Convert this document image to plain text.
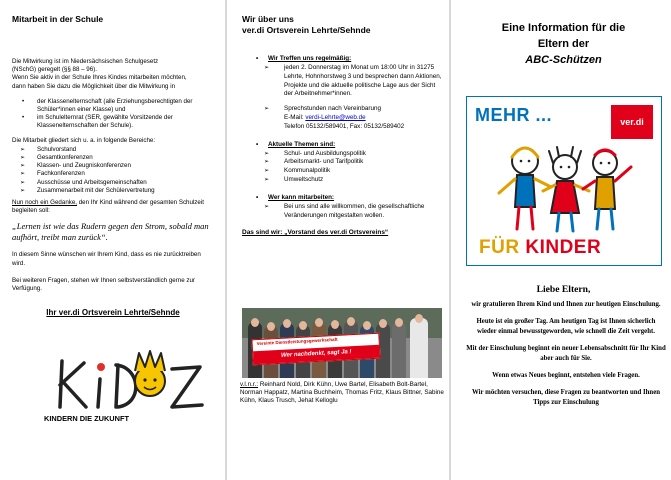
Mitarbeit in der Schule

Die Mitwirkung ist im Niedersächsischen Schulgesetz

(NSchG) geregelt (§§ 88 – 96).

Wenn Sie aktiv in der Schule Ihres Kindes mitarbeiten möchten,

dann haben Sie dazu die Möglichkeit über die Mitwirkung in

• der Klassenelternschaft (alle Erziehungsberechtigten der Schüler*innen einer Klasse) und
• im Schulelternrat (SER, gewählte Vorsitzende der Klassenelternschaften der Schule).
Die Mitarbeit gliedert sich u. a. in folgende Bereiche:
➢ Schulvorstand
➢ Gesamtkonferenzen
➢ Klassen- und Zeugniskonferenzen
➢ Fachkonferenzen
➢ Ausschüsse und Arbeitsgemeinschaften
➢ Zusammenarbeit mit der Schülervertretung
Nun noch ein Gedanke, den Ihr Kind während der gesamten Schulzeit begleiten soll:
„Lernen ist wie das Rudern gegen den Strom, sobald man aufhört, treibt man zurück“.
In diesem Sinne wünschen wir Ihrem Kind, dass es nie zurücktreiben wird.
Bei weiteren Fragen, stehen wir Ihnen selbstverständlich gerne zur Verfügung.
Ihr ver.di Ortsverein Lehrte/Sehnde
KINDERN DIE ZUKUNFT
Wir über uns
ver.di Ortsverein Lehrte/Sehnde
• Wir Treffen uns regelmäßig:
➢ jeden 2. Donnerstag im Monat um 18:00 Uhr in 31275 Lehrte, Hohnhorstweg 3 und besprechen dann Aktionen, Projekte und die aktuelle politische Lage aus der Sicht der Arbeitnehmer*innen.
➢ Sprechstunden nach Vereinbarung
E-Mail: verdi-Lehrte@web.de
Telefon 05132/589401, Fax: 05132/589402
• Aktuelle Themen sind:
➢ Schul- und Ausbildungspolitik
➢ Arbeitsmarkt- und Tarifpolitik
➢ Kommunalpolitik
➢ Umweltschutz
• Wer kann mitarbeiten:
➢ Bei uns sind alle willkommen, die gesellschaftliche Veränderungen mitgestalten wollen.
Das sind wir: „Vorstand des ver.di Ortsvereins“
Vereinte Dienstleistungsgewerkschaft
Wer nachdenkt, sagt Ja !
v.l.n.r.: Reinhard Nold, Dirk Kühn, Uwe Bartel, Elisabeth Bolt-Bartel, Norman Happatz, Martina Buchheim, Thomas Fritz, Klaus Bittner, Sabine Kühn, Klaus Trusch, Jehat Kelloglu
Eine Information für die
Eltern der
ABC-Schützen
Liebe Eltern,

wir gratulieren Ihrem Kind und Ihnen zur heutigen Einschulung.

Heute ist ein großer Tag. Am heutigen Tag ist Ihnen sicherlich wieder einmal bewusstgeworden, wie schnell die Zeit vergeht.

Mit der Einschulung beginnt ein neuer Lebensabschnitt für Ihr Kind aber auch für Sie.

Wenn etwas Neues beginnt, entstehen viele Fragen.

Wir möchten versuchen, diese Fragen zu beantworten und Ihnen Tipps zur Einschulung

MEHR ...	ver.di
FÜR KINDER
